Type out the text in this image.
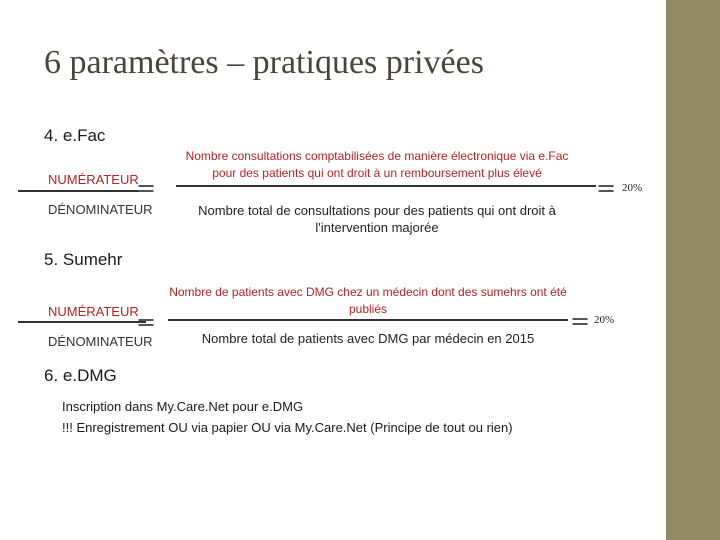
6 paramètres – pratiques privées
4. e.Fac
NUMÉRATEUR
DÉNOMINATEUR
=
Nombre consultations comptabilisées de manière électronique via e.Fac pour des patients qui ont droit à un remboursement plus élevé
Nombre total de consultations pour des patients qui ont droit à l'intervention majorée
= 20%
5. Sumehr
NUMÉRATEUR
DÉNOMINATEUR
=
Nombre de patients avec DMG chez un médecin dont des sumehrs ont été publiés
Nombre total de patients avec DMG par médecin en 2015
= 20%
6. e.DMG
Inscription dans My.Care.Net pour e.DMG
!!! Enregistrement OU via papier OU via My.Care.Net (Principe de tout ou rien)
